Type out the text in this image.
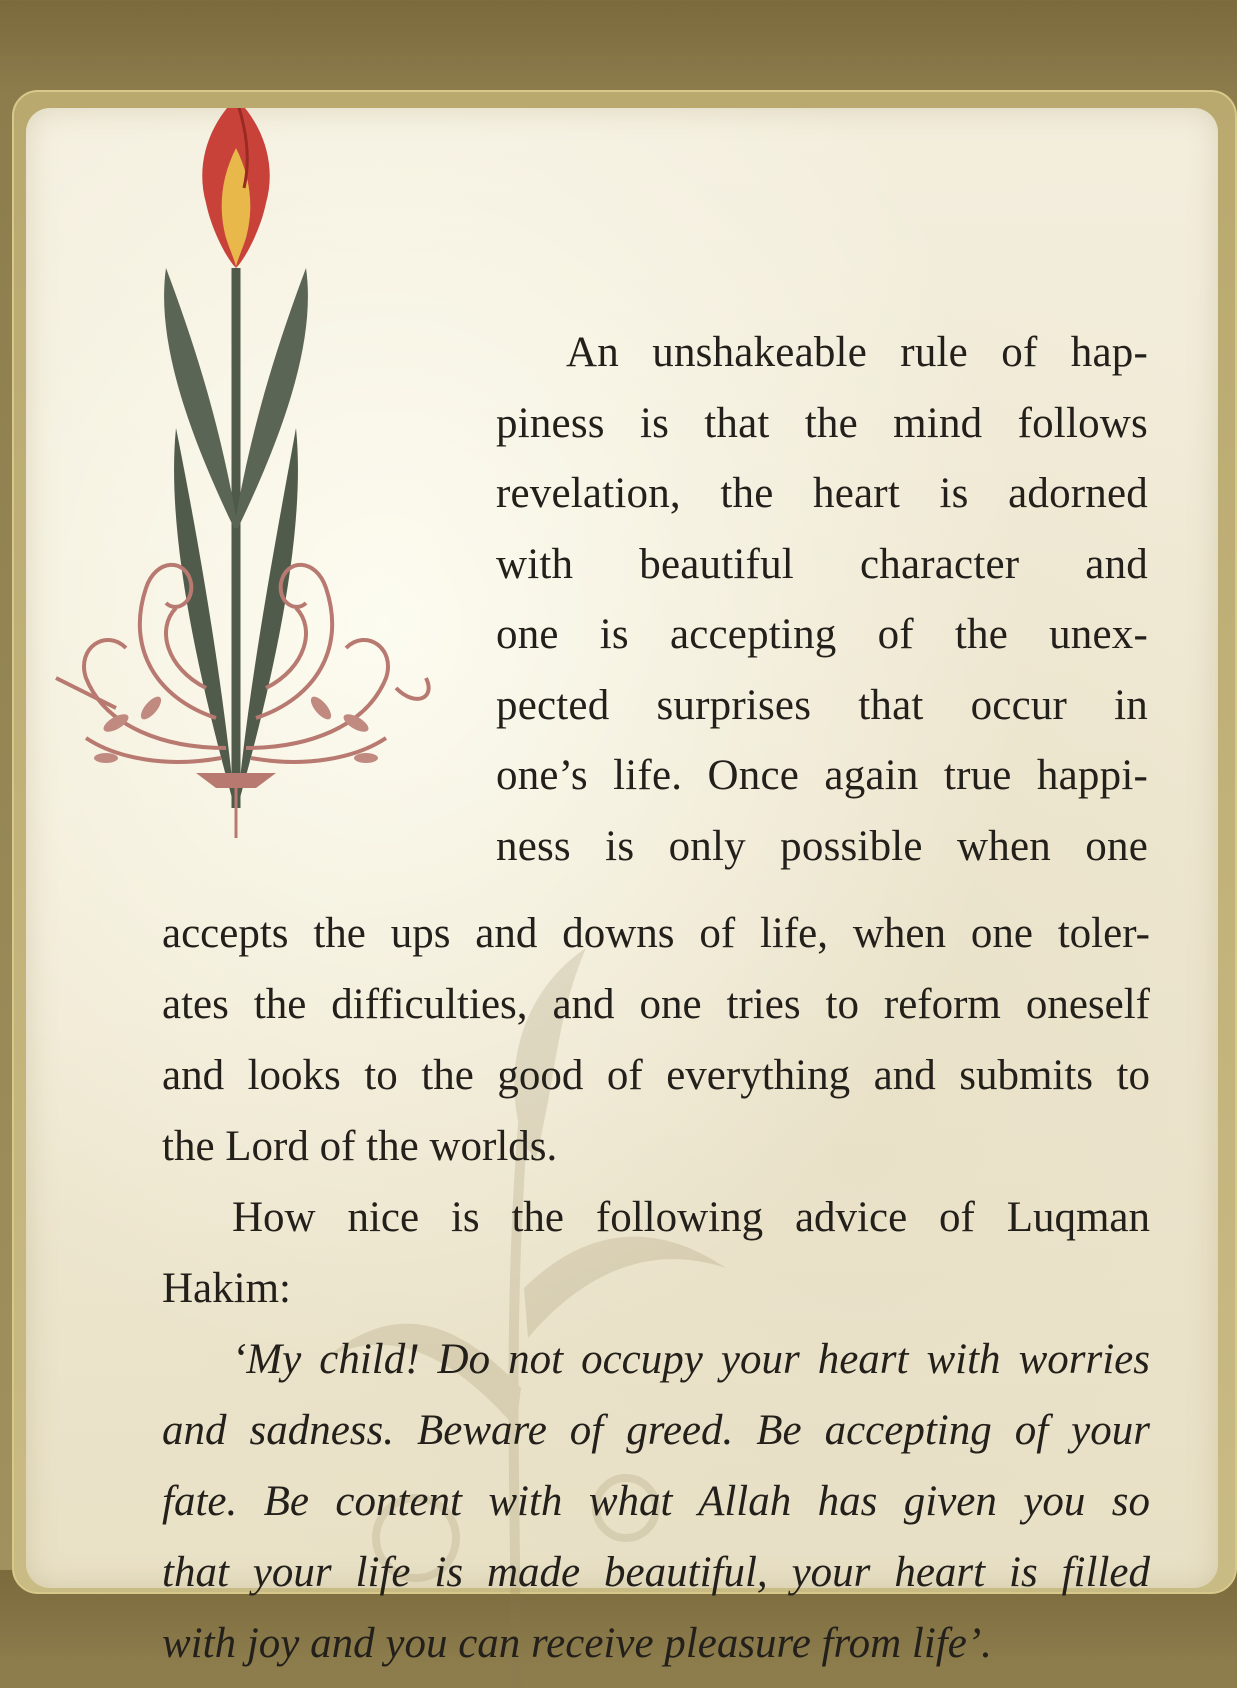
An unshakeable rule of hap-
piness is that the mind follows
revelation, the heart is adorned
with beautiful character and
one is accepting of the unex-
pected surprises that occur in
one’s life. Once again true happi-
ness is only possible when one
accepts the ups and downs of life, when one toler-
ates the difficulties, and one tries to reform oneself
and looks to the good of everything and submits to
the Lord of the worlds.
How nice is the following advice of Luqman
Hakim:
‘My child! Do not occupy your heart with worries
and sadness. Beware of greed. Be accepting of your
fate. Be content with what Allah has given you so
that your life is made beautiful, your heart is filled
with joy and you can receive pleasure from life’.
